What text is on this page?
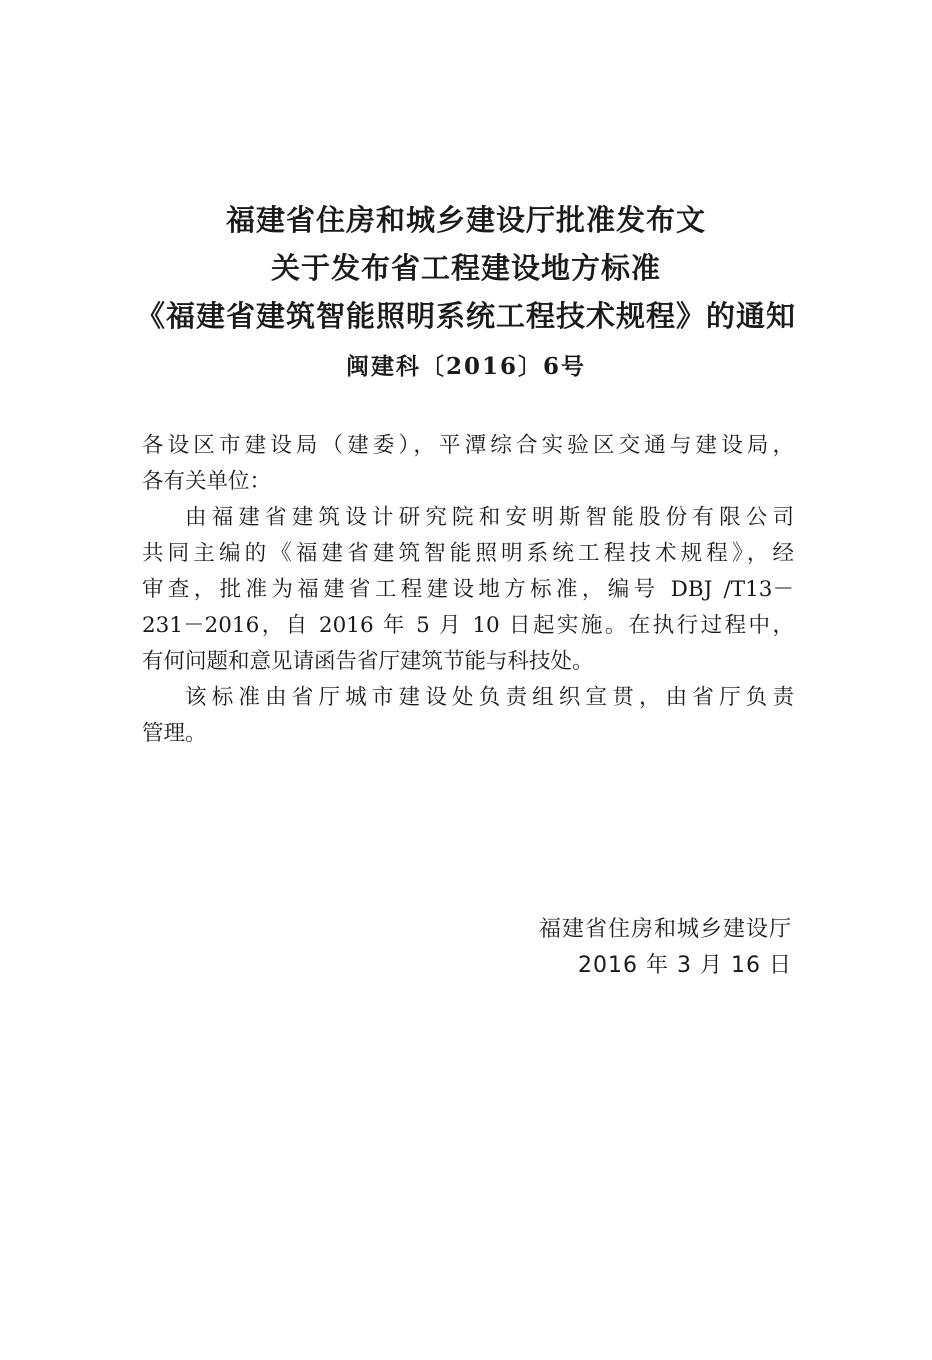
福建省住房和城乡建设厅批准发布文
关于发布省工程建设地方标准
《福建省建筑智能照明系统工程技术规程》的通知
闽建科〔2016〕6号
各设区市建设局（建委），平潭综合实验区交通与建设局，
各有关单位：
由福建省建筑设计研究院和安明斯智能股份有限公司
共同主编的《福建省建筑智能照明系统工程技术规程》，经
审查，批准为福建省工程建设地方标准，编号 DBJ /T13－
231－2016，自 2016 年 5 月 10 日起实施。在执行过程中，
有何问题和意见请函告省厅建筑节能与科技处。
该标准由省厅城市建设处负责组织宣贯，由省厅负责
管理。
福建省住房和城乡建设厅
2016 年 3 月 16 日
